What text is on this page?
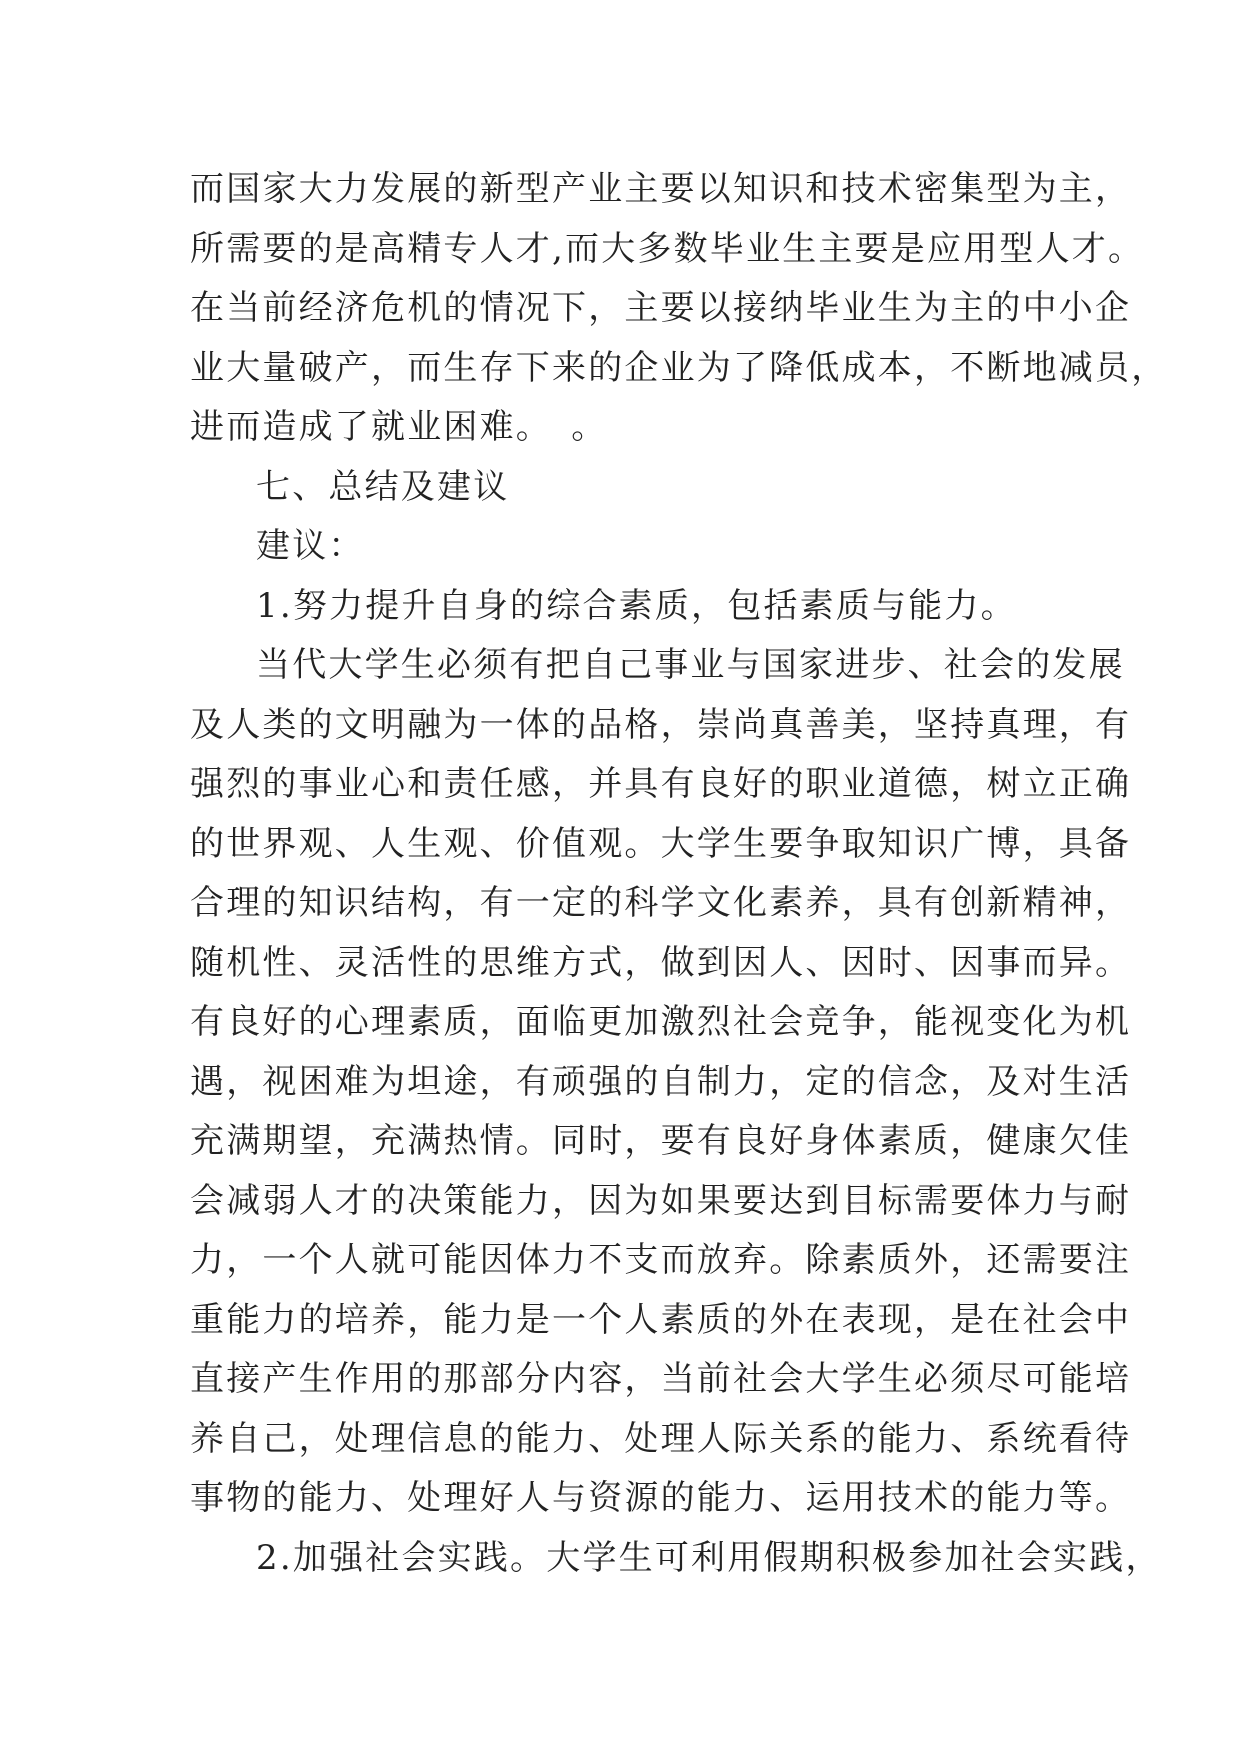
而国家大力发展的新型产业主要以知识和技术密集型为主，
所需要的是高精专人才,而大多数毕业生主要是应用型人才。
在当前经济危机的情况下，主要以接纳毕业生为主的中小企
业大量破产，而生存下来的企业为了降低成本，不断地减员，
进而造成了就业困难。　。
七、总结及建议
建议：
1.努力提升自身的综合素质，包括素质与能力。
当代大学生必须有把自己事业与国家进步、社会的发展
及人类的文明融为一体的品格，崇尚真善美，坚持真理，有
强烈的事业心和责任感，并具有良好的职业道德，树立正确
的世界观、人生观、价值观。大学生要争取知识广博，具备
合理的知识结构，有一定的科学文化素养，具有创新精神，
随机性、灵活性的思维方式，做到因人、因时、因事而异。
有良好的心理素质，面临更加激烈社会竞争，能视变化为机
遇，视困难为坦途，有顽强的自制力，定的信念，及对生活
充满期望，充满热情。同时，要有良好身体素质，健康欠佳
会减弱人才的决策能力，因为如果要达到目标需要体力与耐
力，一个人就可能因体力不支而放弃。除素质外，还需要注
重能力的培养，能力是一个人素质的外在表现，是在社会中
直接产生作用的那部分内容，当前社会大学生必须尽可能培
养自己，处理信息的能力、处理人际关系的能力、系统看待
事物的能力、处理好人与资源的能力、运用技术的能力等。
2.加强社会实践。大学生可利用假期积极参加社会实践，
